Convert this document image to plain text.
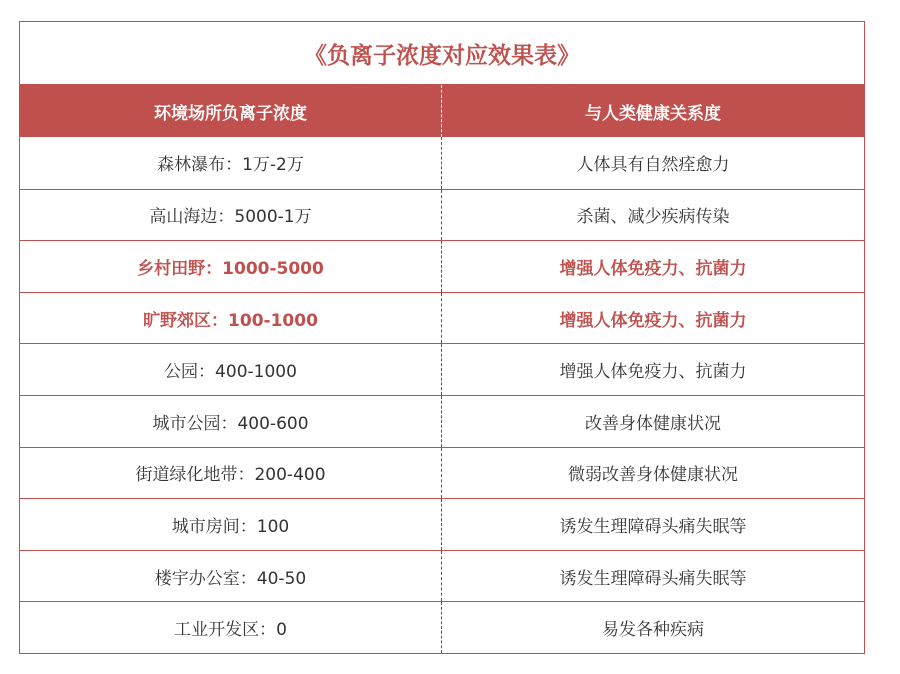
《负离子浓度对应效果表》
环境场所负离子浓度	与人类健康关系度
森林瀑布：1万-2万	人体具有自然痊愈力
高山海边：5000-1万	杀菌、减少疾病传染
乡村田野：1000-5000	增强人体免疫力、抗菌力
旷野郊区：100-1000	增强人体免疫力、抗菌力
公园：400-1000	增强人体免疫力、抗菌力
城市公园：400-600	改善身体健康状况
街道绿化地带：200-400	微弱改善身体健康状况
城市房间：100	诱发生理障碍头痛失眠等
楼宇办公室：40-50	诱发生理障碍头痛失眠等
工业开发区：0	易发各种疾病
